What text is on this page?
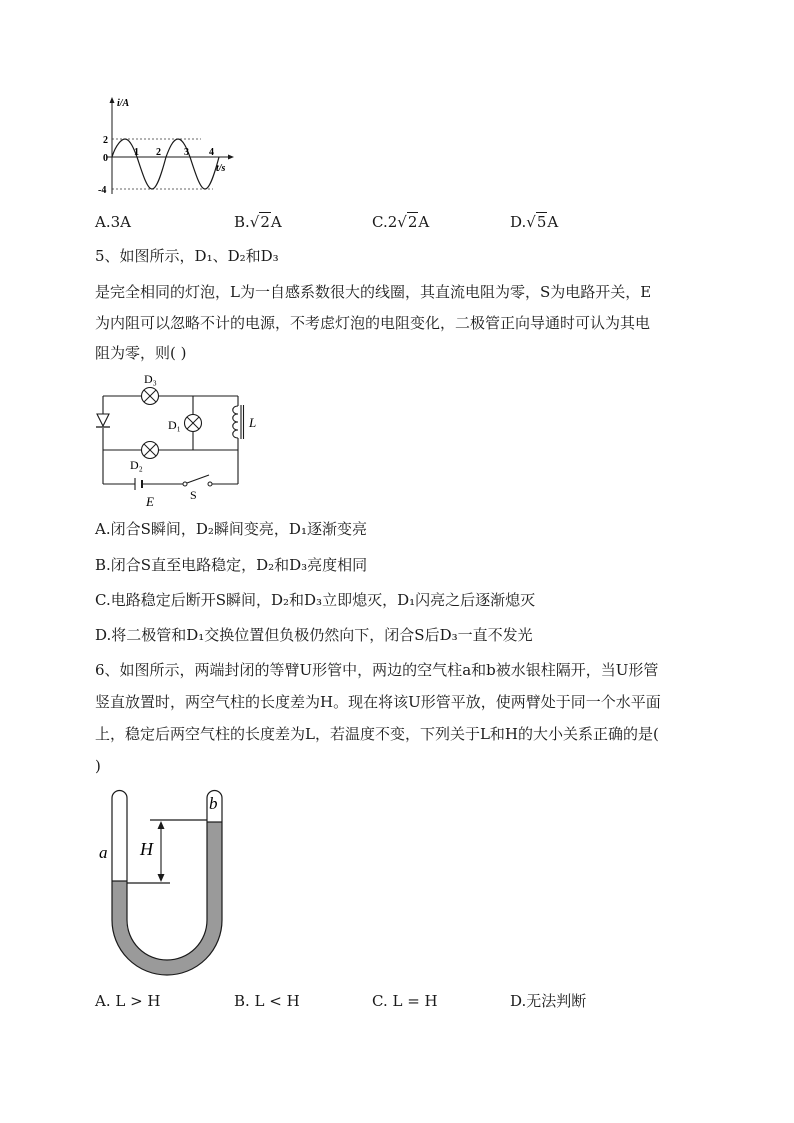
i/A
t/s
2
0
-4
1 2 3 4
A.3A	B.√2A	C.2√2A	D.√5A
5、如图所示，D₁、D₂和D₃
是完全相同的灯泡，L为一自感系数很大的线圈，其直流电阻为零，S为电路开关，E
为内阻可以忽略不计的电源，不考虑灯泡的电阻变化，二极管正向导通时可认为其电
阻为零，则( )
D₃
D₁
D₂
L
E	S
A.闭合S瞬间，D₂瞬间变亮，D₁逐渐变亮
B.闭合S直至电路稳定，D₂和D₃亮度相同
C.电路稳定后断开S瞬间，D₂和D₃立即熄灭，D₁闪亮之后逐渐熄灭
D.将二极管和D₁交换位置但负极仍然向下，闭合S后D₃一直不发光
6、如图所示，两端封闭的等臂U形管中，两边的空气柱a和b被水银柱隔开，当U形管
竖直放置时，两空气柱的长度差为H。现在将该U形管平放，使两臂处于同一个水平面
上，稳定后两空气柱的长度差为L，若温度不变，下列关于L和H的大小关系正确的是(
)
H
a
b
A. L > H	B. L < H	C. L = H	D.无法判断
